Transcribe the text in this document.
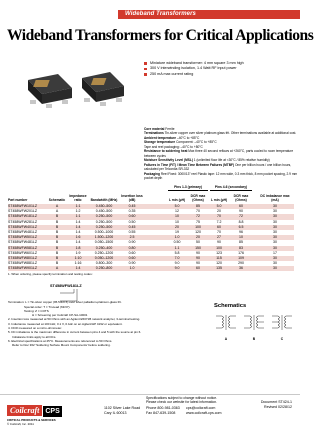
Wideband Transformers
Wideband Transformers for Critical Applications
Miniature wideband transformer: 4 mm square 3 mm high
300 V interwinding isolation, 1.4 Watt RF input power
250 mA max current rating
Core material Ferrite
Terminations Tin-silver copper over silver platinum glass frit. Other terminations available at additional cost.
Ambient temperature –40°C to +85°C
Storage temperature Component: –40°C to +85°C
Tape and reel packaging: –40°C to +80°C
Resistance to soldering heat Max three 40 second reflows at +260°C, parts cooled to room temperature between cycles
Moisture Sensitivity Level (MSL) 1 (unlimited floor life at <30°C / 85% relative humidity)
Failures in Time (FIT) / Mean Time Between Failures (MTBF) One per billion hours / one billion hours, calculated per Telcordia SR-332
Packaging Reel Fixed: 3000/13" reel Plastic tape: 12 mm wide, 0.3 mm thick, 8 mm pocket spacing, 2.9 mm pocket depth
Pins 1-3 (primary)	Pins 4-6 (secondary)
Part number	Schematic
Impedance ratio	Bandwidth (MHz)
Insertion loss (dB)	L min (µH)
DCR max (Ohms)	L min (µH)
DCR max (Ohms)
DC imbalance max (mA)
ST458WFW101LZ	A	1:1	0.450–500	0.45	5.0	85	5.0	60	30
ST458WFW201LZ	A	1:2	0.450–500	0.35	12	70	20	90	30
ST458WFW181LZ	B	1:1	0.250–500	0.60	10	72	70	72	30
ST458WFW281LZ	B	1:4	0.250–500	0.50	10	75	7.2	8.8	30
ST458WFW401LZ	B	1:4	0.250–500	0.45	20	100	60	6.5	30
ST458WFW481LZ	B	1:4	0.500–1000	0.55	19	120	70	96	30
ST458WFW501LZ	B	1:6	1.500–1200	2.5	1.0	20	27	10	30
ST458WFW481LZ	B	1:4	0.050–1500	0.90	0.50	50	90	85	30
ST458WFW581LZ	B	1:8	0.250–400	0.80	1.1	150	100	83	30
ST458WFW601LZ	B	1:9	0.250–1200	0.60	5.8	90	123	176	17
ST458WFW801LZ	B	1:10	0.050–1200	0.60	7.0	90	115	109	30
ST458WFW881LZ	B	1:16	0.800–300	0.90	9.0	90	120	290	30
ST458WFW901LZ	A	1:4	0.250–800	1.0	9.0	60	135	36	30
1. When ordering, please specify termination and testing codes:
Termination: L = Tin-silver copper (95.5/4/0.5) over silver palladium-platinum-glass frit.
Special order: T = Tin-lead (63/37).
Testing: Z = COTS
H = Screening per Coilcraft CP-SA-10001
2. Insertion loss measured at 50 Ohms with an Agilent E5071B network analyzer, 3-terminal testing.
3. Inductance measured at 100 kHz, 0.1 V, 0 Adc on an Agilent/HP 4192 or equivalent.
4. DCR measured on a micro-ohmmeter.
5. DC imbalance is the maximum difference in current between pins 4 and 5 with the source at pin 6.
Imbalance limits apply to all DCs.
6. Electrical specifications at 25°C. Measurements are referenced to 50 Ohms.
Refer to Doc 362 'Soldering Surface Mount Components' before soldering.
ST458WFW181LZ
Schematics
A	B	C
Coilcraft CPS
CRITICAL PRODUCTS & SERVICES
© Coilcraft, Inc. 2011
Specifications subject to change without notice.
Please check our website for latest information.
1102 Silver Lake Road
Cary IL 60013
Phone 800-981-0363
Fax 847-639-1508
cps@coilcraft.com
www.coilcraft-cps.com
Document ST424-1
Revised 02/28/12
